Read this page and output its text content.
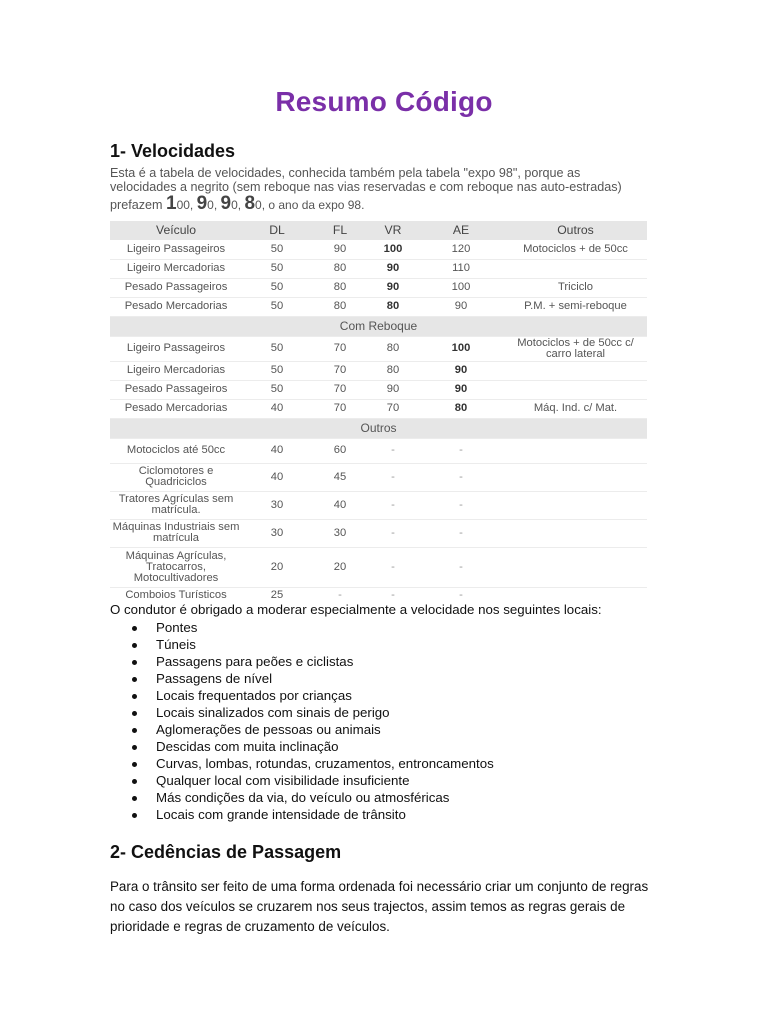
Resumo Código
1- Velocidades
Esta é a tabela de velocidades, conhecida também pela tabela "expo 98", porque as
velocidades a negrito (sem reboque nas vias reservadas e com reboque nas auto-estradas)
prefazem 100, 90, 90, 80, o ano da expo 98.
Veículo	DL	FL	VR	AE	Outros
Ligeiro Passageiros	50	90	100	120	Motociclos + de 50cc
Ligeiro Mercadorias	50	80	90	110	
Pesado Passageiros	50	80	90	100	Triciclo
Pesado Mercadorias	50	80	80	90	P.M. + semi-reboque
Com Reboque					
Ligeiro Passageiros	50	70	80	100	Motociclos + de 50cc c/ carro lateral
Ligeiro Mercadorias	50	70	80	90	
Pesado Passageiros	50	70	90	90	
Pesado Mercadorias	40	70	70	80	Máq. Ind. c/ Mat.
Outros					
Motociclos até 50cc	40	60	-	-	
Ciclomotores e Quadriciclos	40	45	-	-	
Tratores Agrículas sem matrícula.	30	40	-	-	
Máquinas Industriais sem matrícula	30	30	-	-	
Máquinas Agrículas, Tratocarros, Motocultivadores	20	20	-	-	
Comboios Turísticos	25	-	-	-	
O condutor é obrigado a moderar especialmente a velocidade nos seguintes locais:
Pontes
Túneis
Passagens para peões e ciclistas
Passagens de nível
Locais frequentados por crianças
Locais sinalizados com sinais de perigo
Aglomerações de pessoas ou animais
Descidas com muita inclinação
Curvas, lombas, rotundas, cruzamentos, entroncamentos
Qualquer local com visibilidade insuficiente
Más condições da via, do veículo ou atmosféricas
Locais com grande intensidade de trânsito
2- Cedências de Passagem
Para o trânsito ser feito de uma forma ordenada foi necessário criar um conjunto de regras no caso dos veículos se cruzarem nos seus trajectos, assim temos as regras gerais de prioridade e regras de cruzamento de veículos.
